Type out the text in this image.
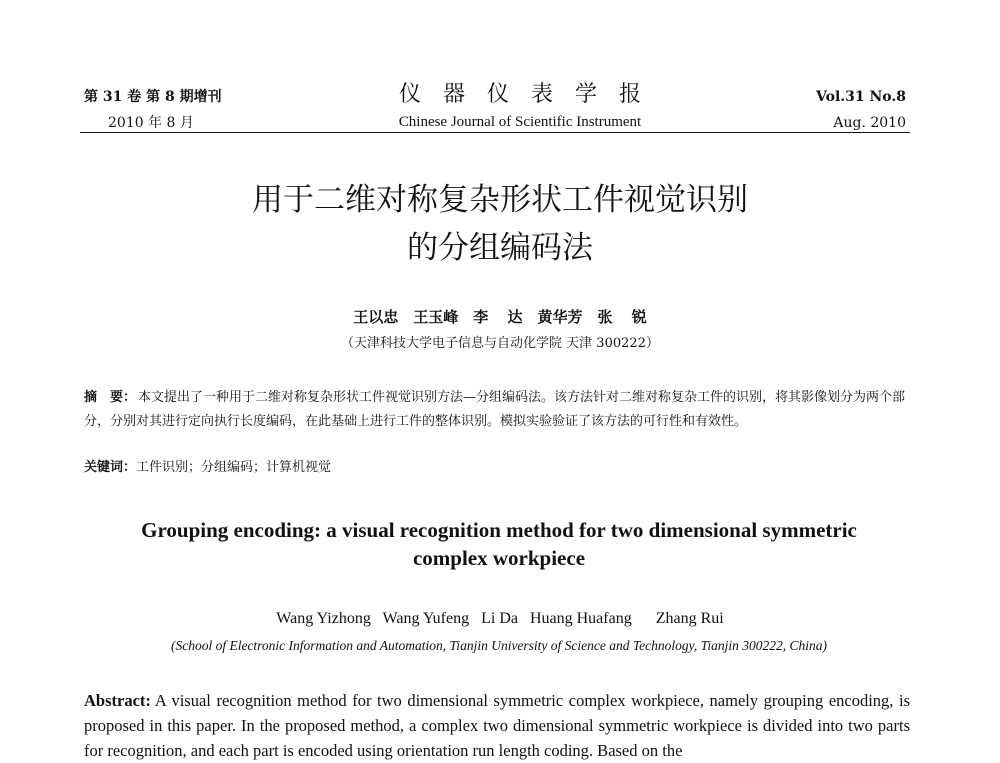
第 31 卷 第 8 期增刊
2010 年 8 月
仪器仪表学报
Chinese Journal of Scientific Instrument
Vol.31 No.8
Aug. 2010
用于二维对称复杂形状工件视觉识别
的分组编码法
王以忠　王玉峰　李 达　黄华芳　张 锐
（天津科技大学电子信息与自动化学院 天津 300222）
摘　要： 本文提出了一种用于二维对称复杂形状工件视觉识别方法—分组编码法。该方法针对二维对称复杂工件的识别，将其影像划分为两个部分，分别对其进行定向执行长度编码，在此基础上进行工件的整体识别。模拟实验验证了该方法的可行性和有效性。
关键词：工件识别；分组编码；计算机视觉
Grouping encoding: a visual recognition method for two dimensional symmetric
complex workpiece
Wang Yizhong   Wang Yufeng   Li Da   Huang Huafang      Zhang Rui
(School of Electronic Information and Automation, Tianjin University of Science and Technology, Tianjin 300222, China)
Abstract: A visual recognition method for two dimensional symmetric complex workpiece, namely grouping encoding, is proposed in this paper. In the proposed method, a complex two dimensional symmetric workpiece is divided into two parts for recognition, and each part is encoded using orientation run length coding. Based on the
